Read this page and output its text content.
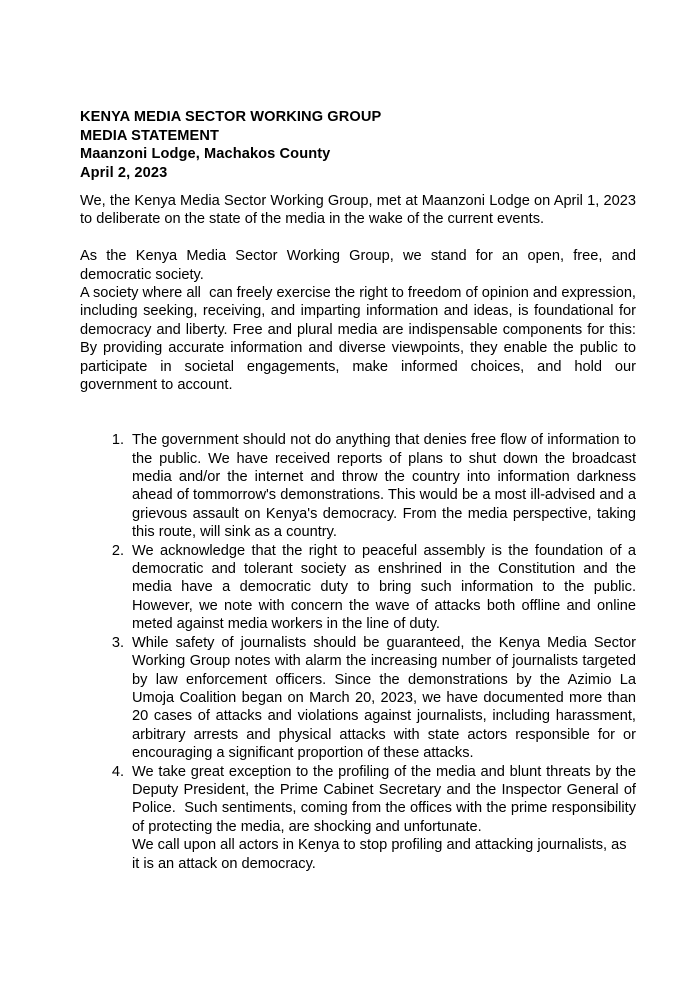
KENYA MEDIA SECTOR WORKING GROUP
MEDIA STATEMENT
Maanzoni Lodge, Machakos County
April 2, 2023

We, the Kenya Media Sector Working Group, met at Maanzoni Lodge on April 1, 2023 to deliberate on the state of the media in the wake of the current events.

As the Kenya Media Sector Working Group, we stand for an open, free, and democratic society.

A society where all  can freely exercise the right to freedom of opinion and expression, including seeking, receiving, and imparting information and ideas, is foundational for democracy and liberty. Free and plural media are indispensable components for this: By providing accurate information and diverse viewpoints, they enable the public to participate in societal engagements, make informed choices, and hold our government to account.

1. The government should not do anything that denies free flow of information to the public. We have received reports of plans to shut down the broadcast media and/or the internet and throw the country into information darkness ahead of tommorrow's demonstrations. This would be a most ill-advised and a grievous assault on Kenya's democracy. From the media perspective, taking this route, will sink as a country.
2. We acknowledge that the right to peaceful assembly is the foundation of a democratic and tolerant society as enshrined in the Constitution and the media have a democratic duty to bring such information to the public. However, we note with concern the wave of attacks both offline and online meted against media workers in the line of duty.
3. While safety of journalists should be guaranteed, the Kenya Media Sector Working Group notes with alarm the increasing number of journalists targeted by law enforcement officers. Since the demonstrations by the Azimio La Umoja Coalition began on March 20, 2023, we have documented more than 20 cases of attacks and violations against journalists, including harassment, arbitrary arrests and physical attacks with state actors responsible for or encouraging a significant proportion of these attacks.
4. We take great exception to the profiling of the media and blunt threats by the Deputy President, the Prime Cabinet Secretary and the Inspector General of Police.  Such sentiments, coming from the offices with the prime responsibility of protecting the media, are shocking and unfortunate.

We call upon all actors in Kenya to stop profiling and attacking journalists, as it is an attack on democracy.
